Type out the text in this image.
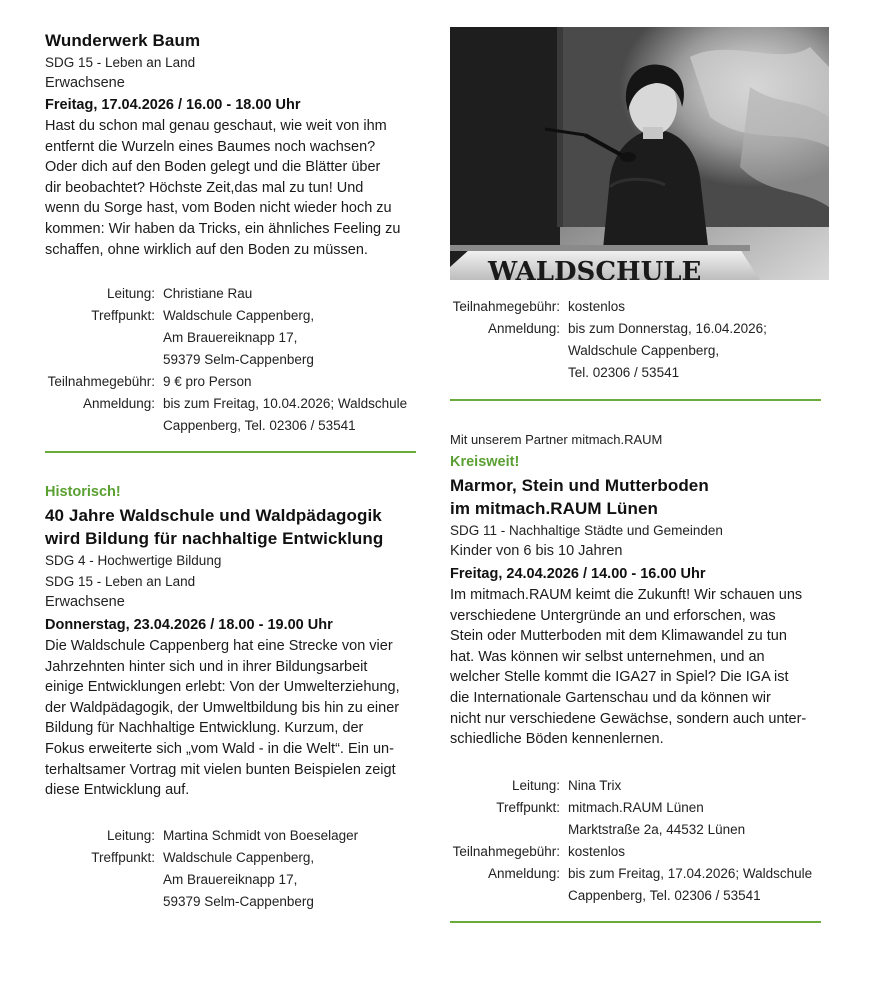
Wunderwerk Baum
SDG 15 - Leben an Land
Erwachsene
Freitag, 17.04.2026 / 16.00 - 18.00 Uhr
Hast du schon mal genau geschaut, wie weit von ihm
entfernt die Wurzeln eines Baumes noch wachsen?
Oder dich auf den Boden gelegt und die Blätter über
dir beobachtet? Höchste Zeit,das mal zu tun! Und
wenn du Sorge hast, vom Boden nicht wieder hoch zu
kommen: Wir haben da Tricks, ein ähnliches Feeling zu
schaffen, ohne wirklich auf den Boden zu müssen.
Leitung: Christiane Rau
Treffpunkt: Waldschule Cappenberg,
Am Brauereiknapp 17,
59379 Selm-Cappenberg
Teilnahmegebühr: 9 € pro Person
Anmeldung: bis zum Freitag, 10.04.2026; Waldschule
Cappenberg, Tel. 02306 / 53541
Historisch!
40 Jahre Waldschule und Waldpädagogik
wird Bildung für nachhaltige Entwicklung
SDG 4 - Hochwertige Bildung
SDG 15 - Leben an Land
Erwachsene
Donnerstag, 23.04.2026 / 18.00 - 19.00 Uhr
Die Waldschule Cappenberg hat eine Strecke von vier
Jahrzehnten hinter sich und in ihrer Bildungsarbeit
einige Entwicklungen erlebt: Von der Umwelterziehung,
der Waldpädagogik, der Umweltbildung bis hin zu einer
Bildung für Nachhaltige Entwicklung. Kurzum, der
Fokus erweiterte sich „vom Wald - in die Welt“. Ein un-
terhaltsamer Vortrag mit vielen bunten Beispielen zeigt
diese Entwicklung auf.
Leitung: Martina Schmidt von Boeselager
Treffpunkt: Waldschule Cappenberg,
Am Brauereiknapp 17,
59379 Selm-Cappenberg
WALDSCHULE
Teilnahmegebühr: kostenlos
Anmeldung: bis zum Donnerstag, 16.04.2026;
Waldschule Cappenberg,
Tel. 02306 / 53541
Mit unserem Partner mitmach.RAUM
Kreisweit!
Marmor, Stein und Mutterboden
im mitmach.RAUM Lünen
SDG 11 - Nachhaltige Städte und Gemeinden
Kinder von 6 bis 10 Jahren
Freitag, 24.04.2026 / 14.00 - 16.00 Uhr
Im mitmach.RAUM keimt die Zukunft! Wir schauen uns
verschiedene Untergründe an und erforschen, was
Stein oder Mutterboden mit dem Klimawandel zu tun
hat. Was können wir selbst unternehmen, und an
welcher Stelle kommt die IGA27 in Spiel? Die IGA ist
die Internationale Gartenschau und da können wir
nicht nur verschiedene Gewächse, sondern auch unter-
schiedliche Böden kennenlernen.
Leitung: Nina Trix
Treffpunkt: mitmach.RAUM Lünen
Marktstraße 2a, 44532 Lünen
Teilnahmegebühr: kostenlos
Anmeldung: bis zum Freitag, 17.04.2026; Waldschule
Cappenberg, Tel. 02306 / 53541
